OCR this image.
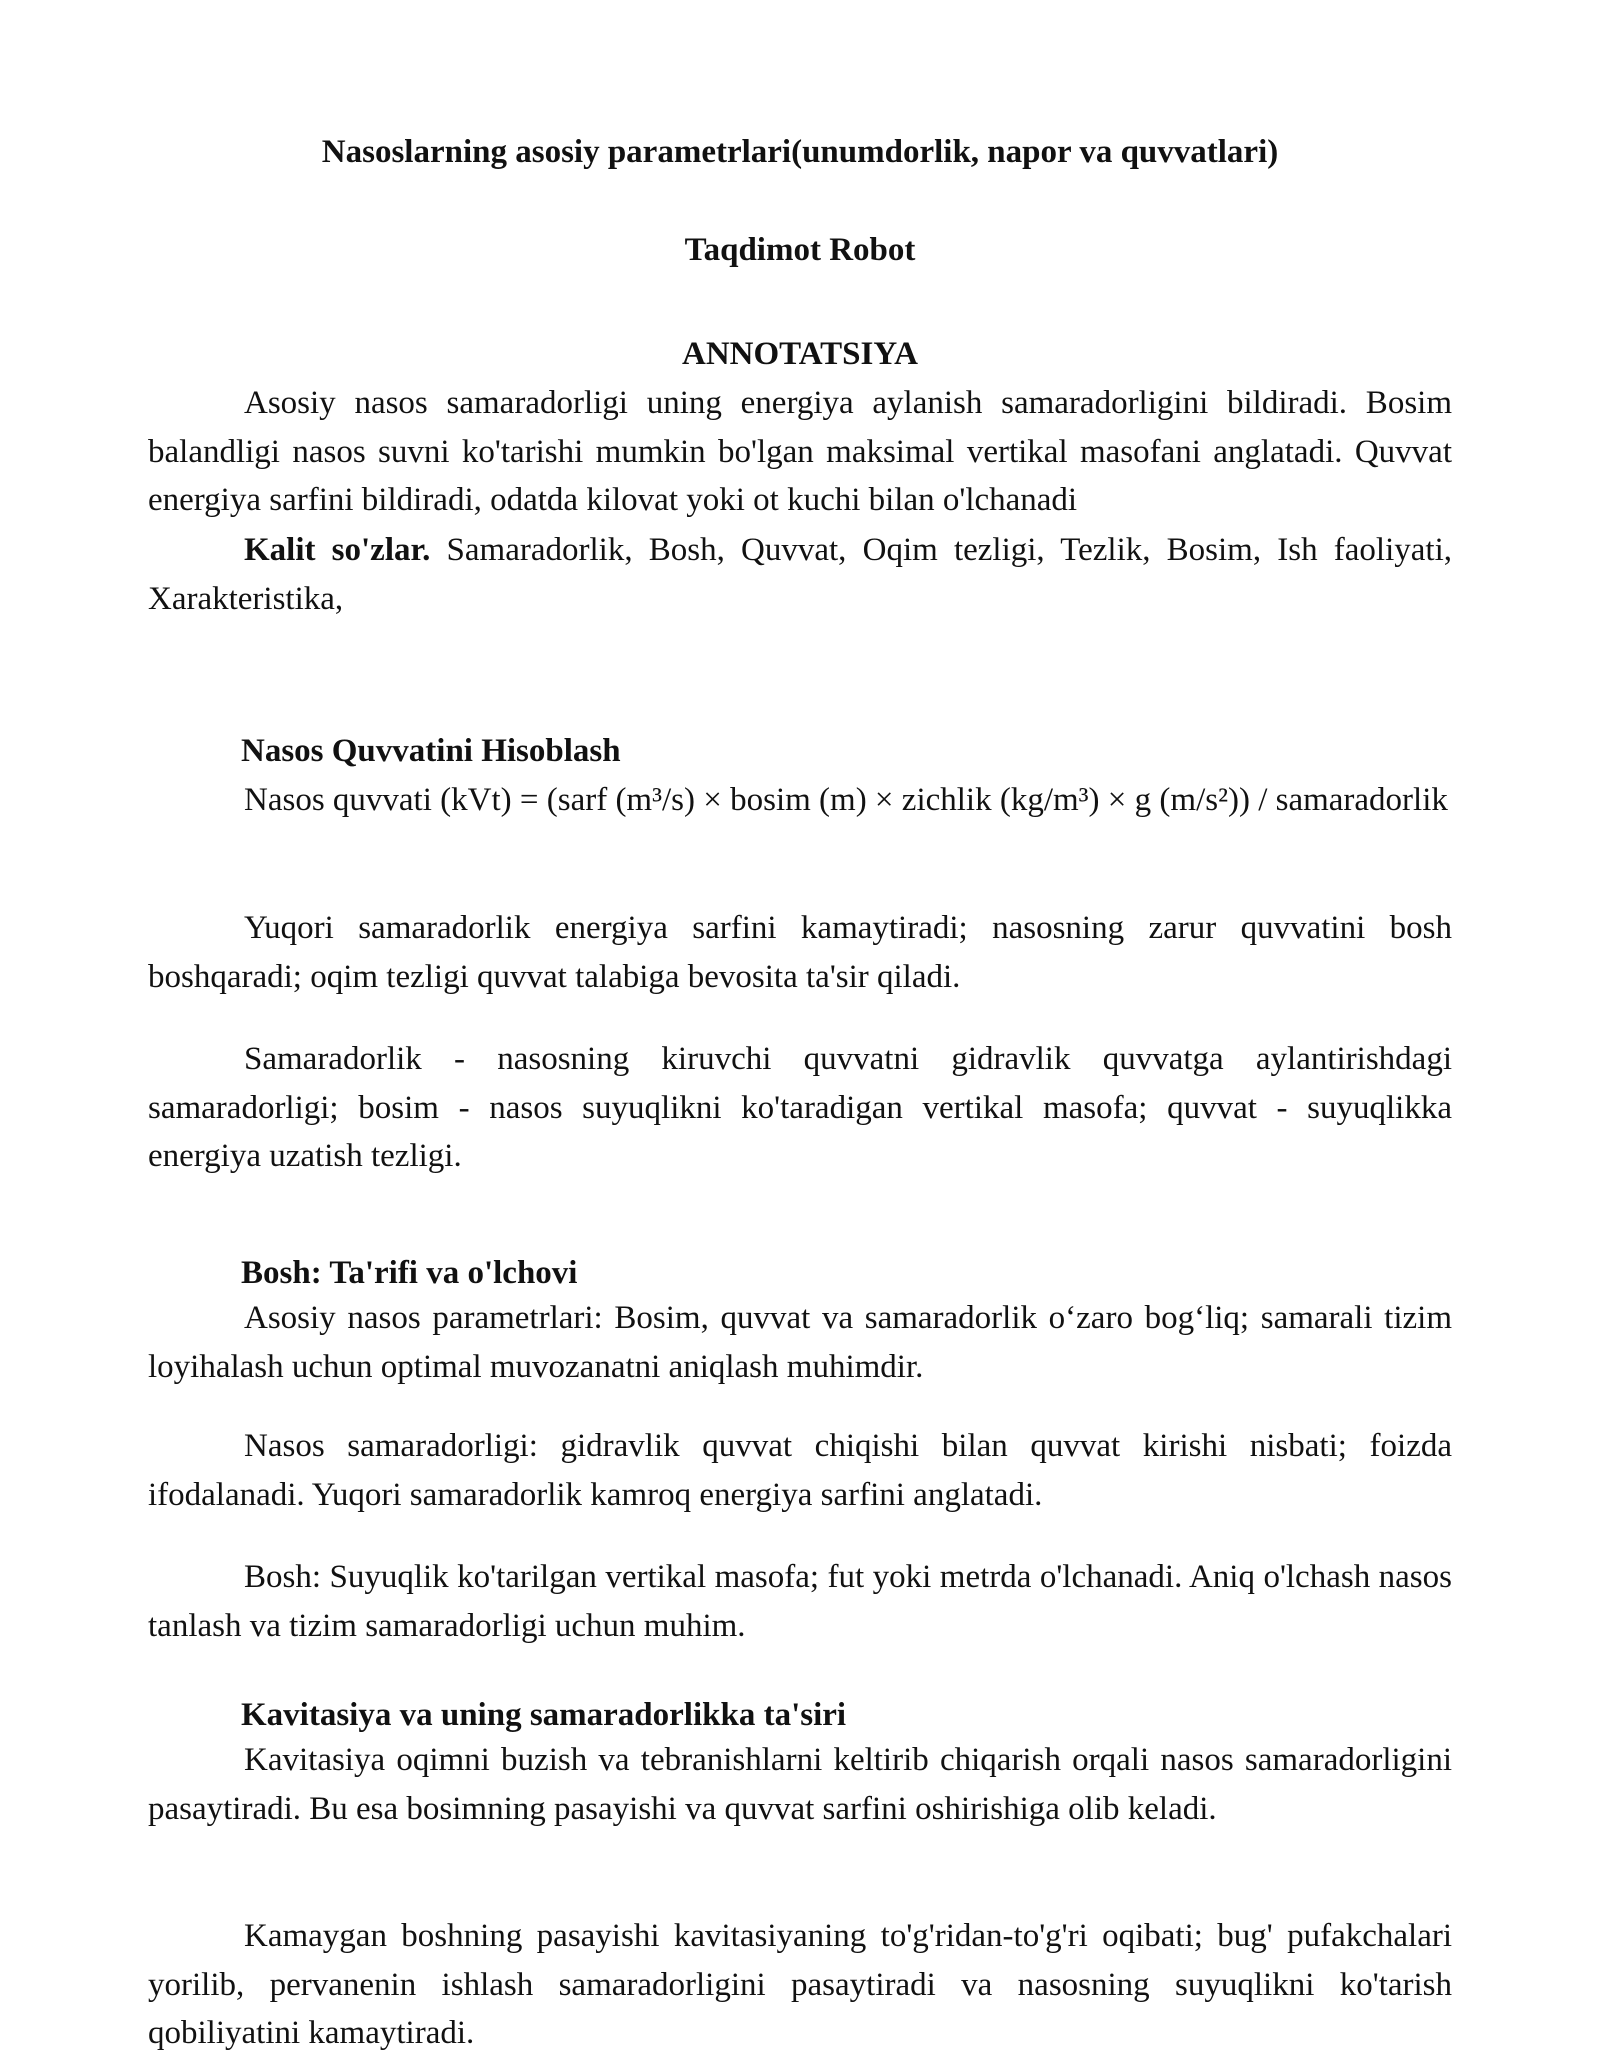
Nasoslarning asosiy parametrlari(unumdorlik, napor va quvvatlari)

Taqdimot Robot

ANNOTATSIYA

Asosiy nasos samaradorligi uning energiya aylanish samaradorligini bildiradi. Bosim balandligi nasos suvni ko'tarishi mumkin bo'lgan maksimal vertikal masofani anglatadi. Quvvat energiya sarfini bildiradi, odatda kilovat yoki ot kuchi bilan o'lchanadi

Kalit so'zlar. Samaradorlik, Bosh, Quvvat, Oqim tezligi, Tezlik, Bosim, Ish faoliyati, Xarakteristika,

Nasos Quvvatini Hisoblash

Nasos quvvati (kVt) = (sarf (m³/s) × bosim (m) × zichlik (kg/m³) × g (m/s²)) / samaradorlik

Yuqori samaradorlik energiya sarfini kamaytiradi; nasosning zarur quvvatini bosh boshqaradi; oqim tezligi quvvat talabiga bevosita ta'sir qiladi.

Samaradorlik - nasosning kiruvchi quvvatni gidravlik quvvatga aylantirishdagi samaradorligi; bosim - nasos suyuqlikni ko'taradigan vertikal masofa; quvvat - suyuqlikka energiya uzatish tezligi.

Bosh: Ta'rifi va o'lchovi

Asosiy nasos parametrlari: Bosim, quvvat va samaradorlik o‘zaro bog‘liq; samarali tizim loyihalash uchun optimal muvozanatni aniqlash muhimdir.

Nasos samaradorligi: gidravlik quvvat chiqishi bilan quvvat kirishi nisbati; foizda ifodalanadi. Yuqori samaradorlik kamroq energiya sarfini anglatadi.

Bosh: Suyuqlik ko'tarilgan vertikal masofa; fut yoki metrda o'lchanadi. Aniq o'lchash nasos tanlash va tizim samaradorligi uchun muhim.

Kavitasiya va uning samaradorlikka ta'siri

Kavitasiya oqimni buzish va tebranishlarni keltirib chiqarish orqali nasos samaradorligini pasaytiradi. Bu esa bosimning pasayishi va quvvat sarfini oshirishiga olib keladi.

Kamaygan boshning pasayishi kavitasiyaning to'g'ridan-to'g'ri oqibati; bug' pufakchalari yorilib, pervanenin ishlash samaradorligini pasaytiradi va nasosning suyuqlikni ko'tarish qobiliyatini kamaytiradi.
